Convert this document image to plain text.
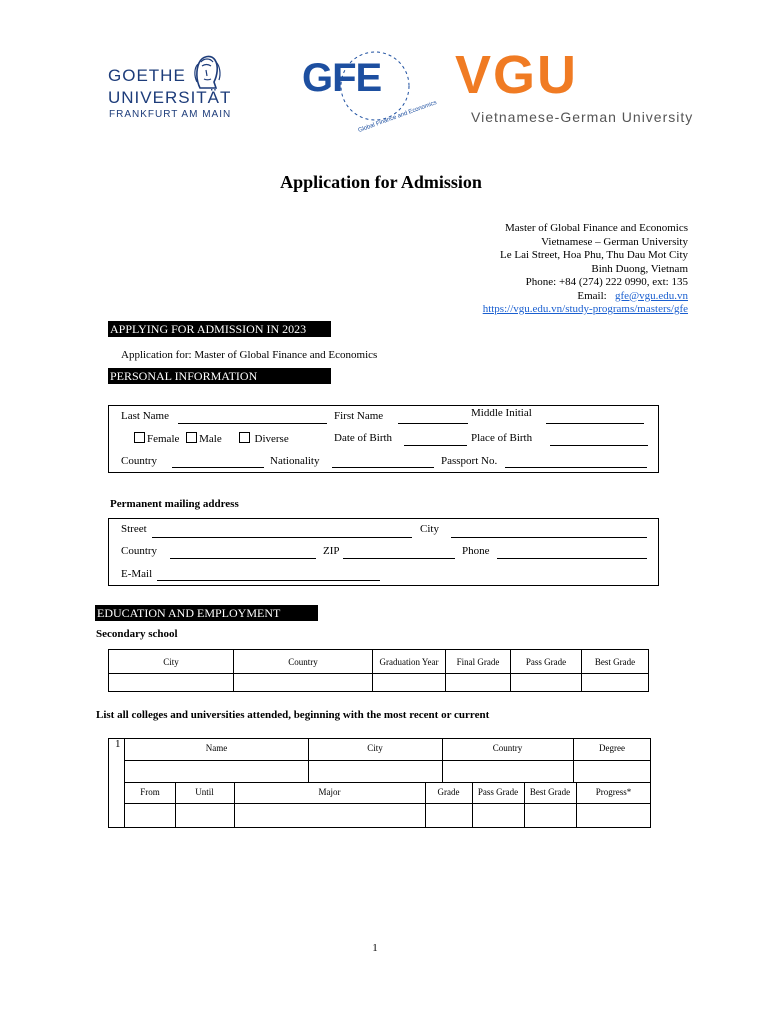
GOETHE
UNIVERSITÄT
FRANKFURT AM MAIN
GFE
Global Finance and Economics
VGU
Vietnamese-German University
Application for Admission
Master of Global Finance and Economics
Vietnamese – German University
Le Lai Street, Hoa Phu, Thu Dau Mot City
Binh Duong, Vietnam
Phone: +84 (274) 222 0990, ext: 135
Email: gfe@vgu.edu.vn
https://vgu.edu.vn/study-programs/masters/gfe
APPLYING FOR ADMISSION IN 2023
Application for: Master of Global Finance and Economics
PERSONAL INFORMATION
Last Name	First Name	Middle Initial
Female Male	Diverse	Date of Birth	Place of Birth
Country	Nationality	Passport No.
Permanent mailing address
Street	City
Country	ZIP	Phone
E-Mail
EDUCATION AND EMPLOYMENT
Secondary school
City	Country	Graduation Year	Final Grade	Pass Grade	Best Grade

List all colleges and universities attended, beginning with the most recent or current
1	Name	City	Country	Degree
From	Until	Major	Grade	Pass Grade	Best Grade	Progress*
1
